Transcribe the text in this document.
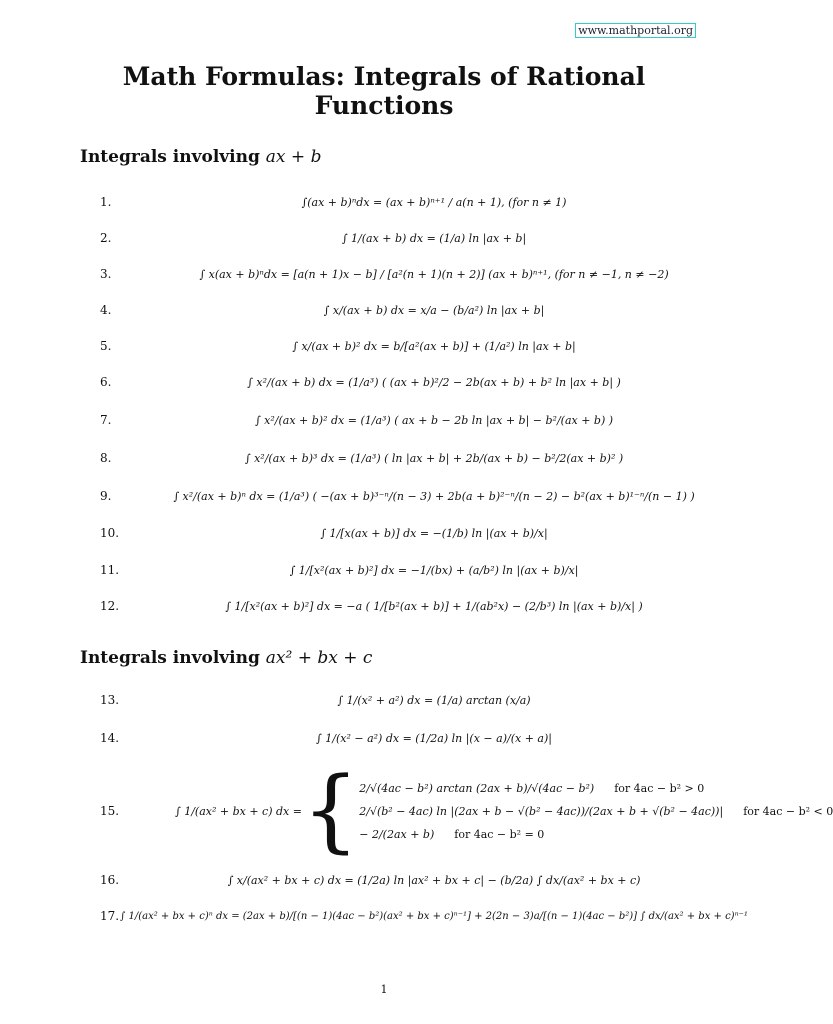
www.mathportal.org
Math Formulas: Integrals of Rational
Functions
Integrals involving ax + b
Integrals involving ax² + bx + c
1.	∫(ax + b)ⁿdx = (ax + b)ⁿ⁺¹ / a(n + 1), (for n ≠ 1)
2.	∫ 1/(ax + b) dx = (1/a) ln |ax + b|
3.	∫ x(ax + b)ⁿdx = [a(n + 1)x − b] / [a²(n + 1)(n + 2)] (ax + b)ⁿ⁺¹, (for n ≠ −1, n ≠ −2)
4.	∫ x/(ax + b) dx = x/a − (b/a²) ln |ax + b|
5.	∫ x/(ax + b)² dx = b/[a²(ax + b)] + (1/a²) ln |ax + b|
6.	∫ x²/(ax + b) dx = (1/a³) ( (ax + b)²/2 − 2b(ax + b) + b² ln |ax + b| )
7.	∫ x²/(ax + b)² dx = (1/a³) ( ax + b − 2b ln |ax + b| − b²/(ax + b) )
8.	∫ x²/(ax + b)³ dx = (1/a³) ( ln |ax + b| + 2b/(ax + b) − b²/2(ax + b)² )
9.	∫ x²/(ax + b)ⁿ dx = (1/a³) ( −(ax + b)³⁻ⁿ/(n − 3) + 2b(a + b)²⁻ⁿ/(n − 2) − b²(ax + b)¹⁻ⁿ/(n − 1) )
10.	∫ 1/[x(ax + b)] dx = −(1/b) ln |(ax + b)/x|
11.	∫ 1/[x²(ax + b)²] dx = −1/(bx) + (a/b²) ln |(ax + b)/x|
12.	∫ 1/[x²(ax + b)²] dx = −a ( 1/[b²(ax + b)] + 1/(ab²x) − (2/b³) ln |(ax + b)/x| )
13.	∫ 1/(x² + a²) dx = (1/a) arctan (x/a)
14.	∫ 1/(x² − a²) dx = (1/2a) ln |(x − a)/(x + a)|
15.	∫ 1/(ax² + bx + c) dx = { 2/√(4ac − b²) arctan (2ax + b)/√(4ac − b²) for 4ac − b² > 0
2/√(b² − 4ac) ln |(2ax + b − √(b² − 4ac))/(2ax + b + √(b² − 4ac))| for 4ac − b² < 0
− 2/(2ax + b) for 4ac − b² = 0
16.	∫ x/(ax² + bx + c) dx = (1/2a) ln |ax² + bx + c| − (b/2a) ∫ dx/(ax² + bx + c)
17. ∫ 1/(ax² + bx + c)ⁿ dx = (2ax + b)/[(n − 1)(4ac − b²)(ax² + bx + c)ⁿ⁻¹] + 2(2n − 3)a/[(n − 1)(4ac − b²)] ∫ dx/(ax² + bx + c)ⁿ⁻¹
1
